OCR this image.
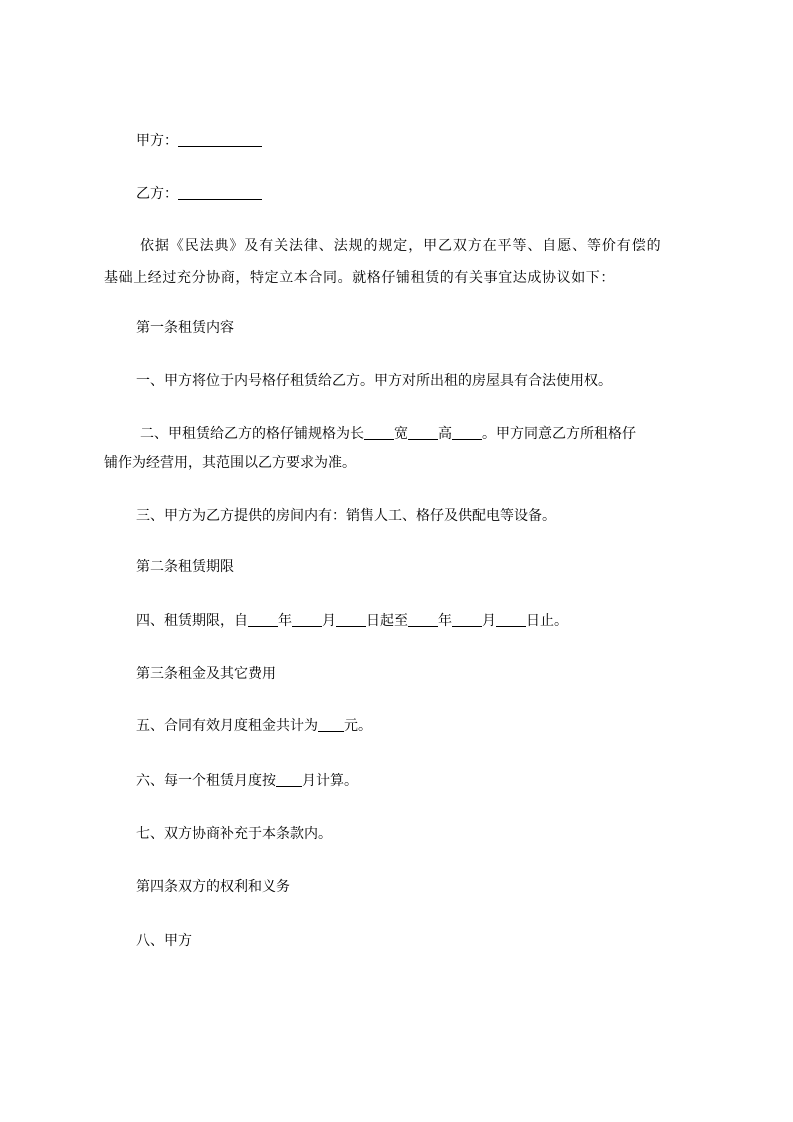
甲方：
乙方：
依据《民法典》及有关法律、法规的规定，甲乙双方在平等、自愿、等价有偿的
基础上经过充分协商，特定立本合同。就格仔铺租赁的有关事宜达成协议如下：
第一条租赁内容
一、甲方将位于内号格仔租赁给乙方。甲方对所出租的房屋具有合法使用权。
二、甲租赁给乙方的格仔铺规格为长 宽 高 。甲方同意乙方所租格仔
铺作为经营用，其范围以乙方要求为准。
三、甲方为乙方提供的房间内有：销售人工、格仔及供配电等设备。
第二条租赁期限
四、租赁期限，自 年 月 日起至 年 月 日止。
第三条租金及其它费用
五、合同有效月度租金共计为 元。
六、每一个租赁月度按 月计算。
七、双方协商补充于本条款内。
第四条双方的权利和义务
八、甲方
